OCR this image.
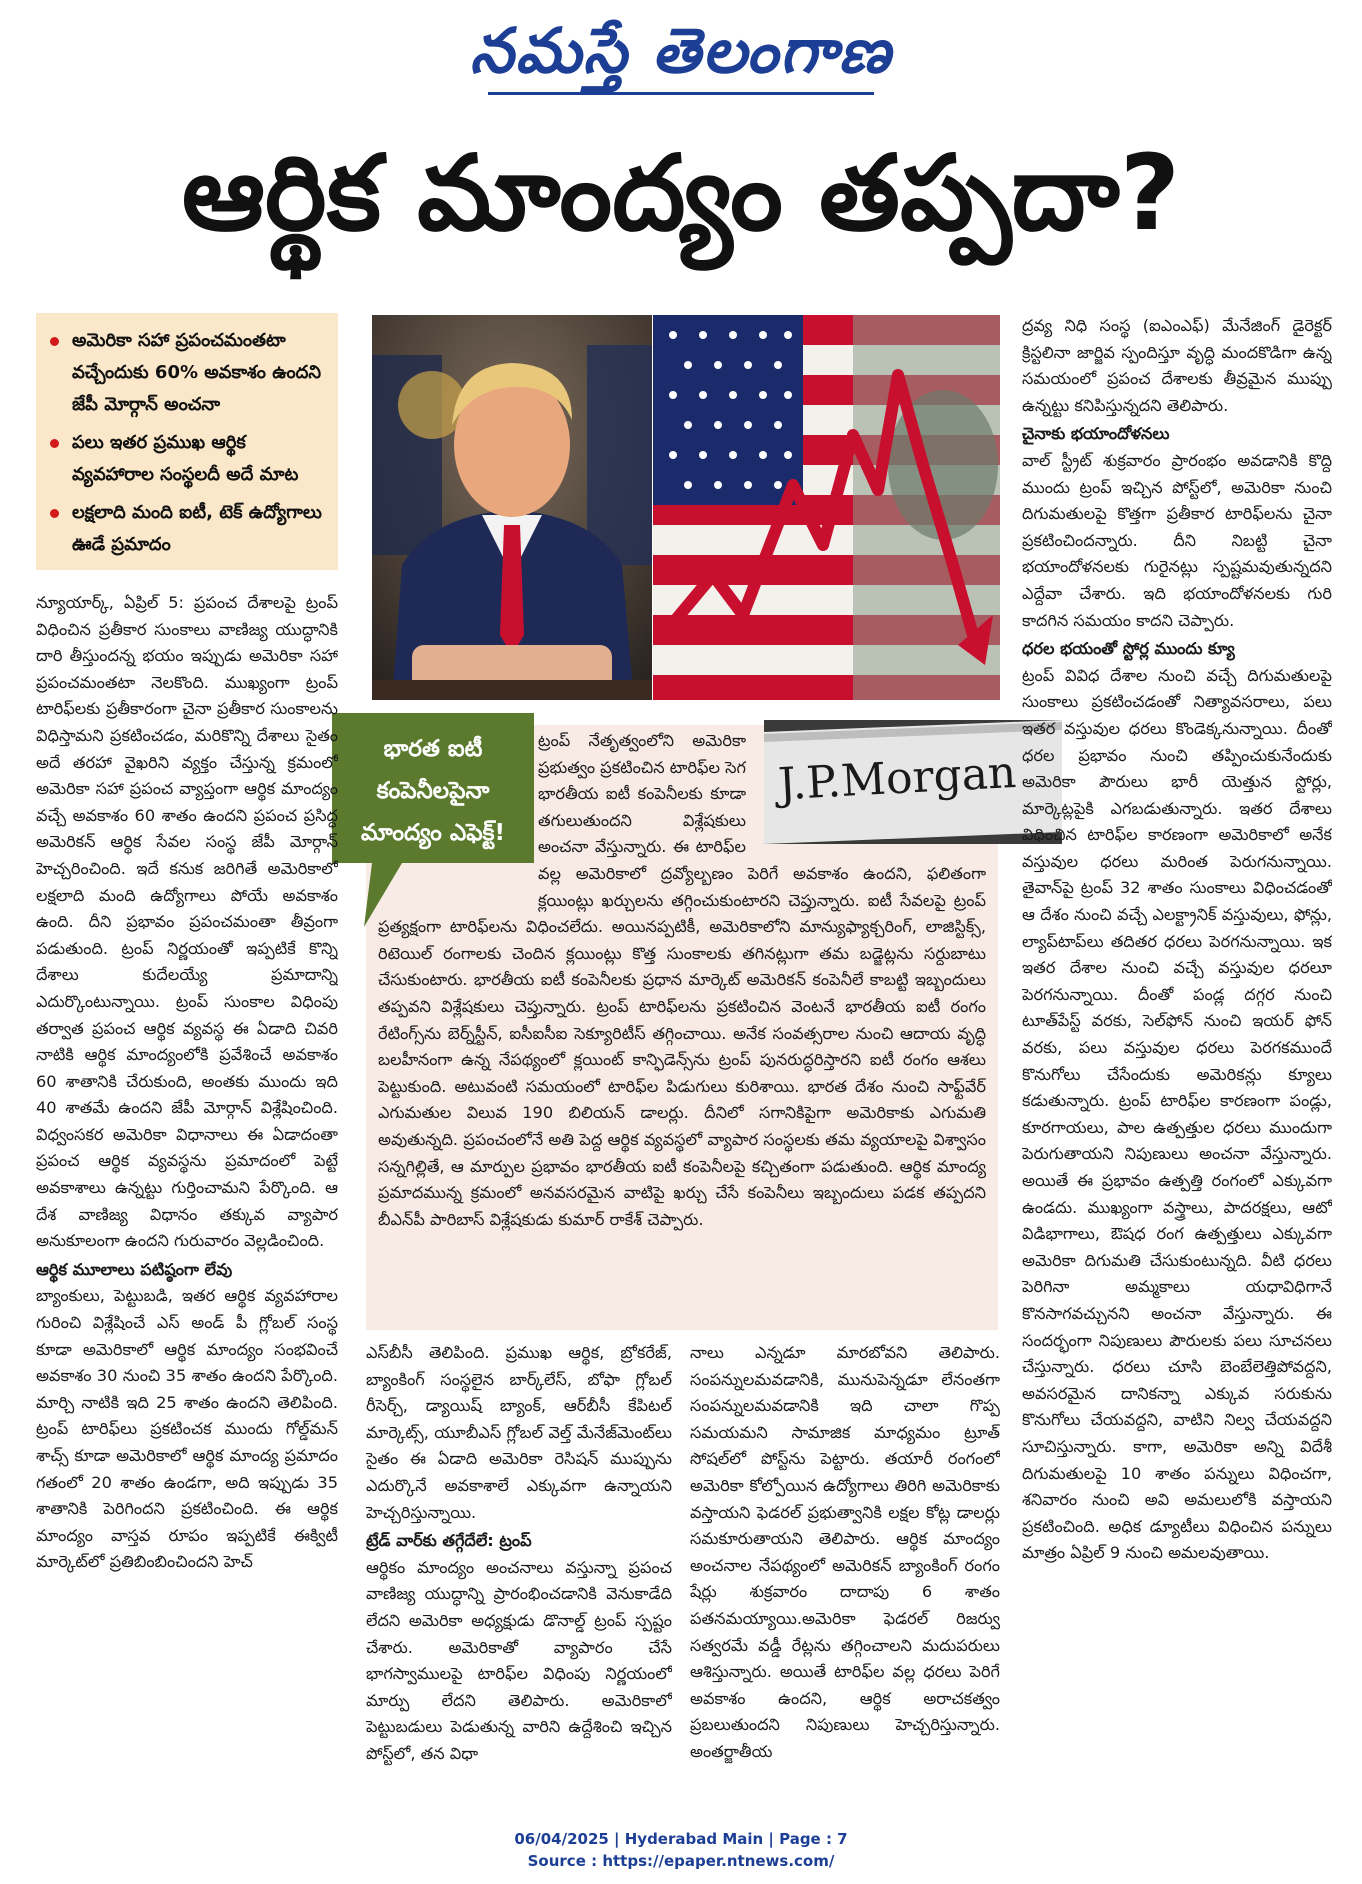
నమస్తే తెలంగాణ
ఆర్థిక మాంద్యం తప్పదా?
అమెరికా సహా ప్రపంచమంతటా వచ్చేందుకు 60% అవకాశం ఉందని జేపీ మోర్గాన్ అంచనా
పలు ఇతర ప్రముఖ ఆర్థిక వ్యవహారాల సంస్థలదీ అదే మాట
లక్షలాది మంది ఐటీ, టెక్ ఉద్యోగాలు ఊడే ప్రమాదం
భారత ఐటీ కంపెనీలపైనా మాంద్యం ఎఫెక్ట్!
J.P.Morgan

న్యూయార్క్, ఏప్రిల్ 5: ప్రపంచ దేశాలపై ట్రంప్ విధించిన ప్రతీకార సుంకాలు వాణిజ్య యుద్ధానికి దారి తీస్తుందన్న భయం ఇప్పుడు అమెరికా సహా ప్రపంచమంతటా నెలకొంది. ముఖ్యంగా ట్రంప్ టారిఫ్‌లకు ప్రతీకారంగా చైనా ప్రతీకార సుంకాలను విధిస్తామని ప్రకటించడం, మరికొన్ని దేశాలు సైతం అదే తరహా వైఖరిని వ్యక్తం చేస్తున్న క్రమంలో అమెరికా సహా ప్రపంచ వ్యాప్తంగా ఆర్థిక మాంద్యం వచ్చే అవకాశం 60 శాతం ఉందని ప్రపంచ ప్రసిద్ధ అమెరికన్ ఆర్థిక సేవల సంస్థ జేపీ మోర్గాన్ హెచ్చరించింది. ఇదే కనుక జరిగితే అమెరికాలో లక్షలాది మంది ఉద్యోగాలు పోయే అవకాశం ఉంది. దీని ప్రభావం ప్రపంచమంతా తీవ్రంగా పడుతుంది. ట్రంప్ నిర్ణయంతో ఇప్పటికే కొన్ని దేశాలు కుదేలయ్యే ప్రమాదాన్ని ఎదుర్కొంటున్నాయి. ట్రంప్ సుంకాల విధింపు తర్వాత ప్రపంచ ఆర్థిక వ్యవస్థ ఈ ఏడాది చివరి నాటికి ఆర్థిక మాంద్యంలోకి ప్రవేశించే అవకాశం 60 శాతానికి చేరుకుంది, అంతకు ముందు ఇది 40 శాతమే ఉందని జేపీ మోర్గాన్ విశ్లేషించింది. విధ్వంసకర అమెరికా విధానాలు ఈ ఏడాదంతా ప్రపంచ ఆర్థిక వ్యవస్థను ప్రమాదంలో పెట్టే అవకాశాలు ఉన్నట్టు గుర్తించామని పేర్కొంది. ఆ దేశ వాణిజ్య విధానం తక్కువ వ్యాపార అనుకూలంగా ఉందని గురువారం వెల్లడించింది.

ఆర్థిక మూలాలు పటిష్ఠంగా లేవు

బ్యాంకులు, పెట్టుబడి, ఇతర ఆర్థిక వ్యవహారాల గురించి విశ్లేషించే ఎస్ అండ్ పీ గ్లోబల్ సంస్థ కూడా అమెరికాలో ఆర్థిక మాంద్యం సంభవించే అవకాశం 30 నుంచి 35 శాతం ఉందని పేర్కొంది. మార్చి నాటికి ఇది 25 శాతం ఉందని తెలిపింది. ట్రంప్ టారిఫ్‌లు ప్రకటించక ముందు గోల్డ్‌మన్ శాచ్స్ కూడా అమెరికాలో ఆర్థిక మాంద్య ప్రమాదం గతంలో 20 శాతం ఉండగా, అది ఇప్పుడు 35 శాతానికి పెరిగిందని ప్రకటించింది. ఈ ఆర్థిక మాంద్యం వాస్తవ రూపం ఇప్పటికే ఈక్విటీ మార్కెట్‌లో ప్రతిబింబించిందని హెచ్

ట్రంప్ నేతృత్వంలోని అమెరికా ప్రభుత్వం ప్రకటించిన టారిఫ్‌ల సెగ భారతీయ ఐటీ కంపెనీలకు కూడా తగులుతుందని విశ్లేషకులు అంచనా వేస్తున్నారు. ఈ టారిఫ్‌ల వల్ల అమెరికాలో ద్రవ్యోల్బణం పెరిగే అవకాశం ఉందని, ఫలితంగా క్లయింట్లు ఖర్చులను తగ్గించుకుంటారని చెప్తున్నారు. ఐటీ సేవలపై ట్రంప్ ప్రత్యక్షంగా టారిఫ్‌లను విధించలేదు. అయినప్పటికీ, అమెరికాలోని మాన్యుఫ్యాక్చరింగ్, లాజిస్టిక్స్, రిటెయిల్ రంగాలకు చెందిన క్లయింట్లు కొత్త సుంకాలకు తగినట్లుగా తమ బడ్జెట్లను సర్దుబాటు చేసుకుంటారు. భారతీయ ఐటీ కంపెనీలకు ప్రధాన మార్కెట్ అమెరికన్ కంపెనీలే కాబట్టి ఇబ్బందులు తప్పవని విశ్లేషకులు చెప్తున్నారు. ట్రంప్ టారిఫ్‌లను ప్రకటించిన వెంటనే భారతీయ ఐటీ రంగం రేటింగ్స్‌ను బెర్న్‌స్టీన్, ఐసీఐసీఐ సెక్యూరిటీస్ తగ్గించాయి. అనేక సంవత్సరాల నుంచి ఆదాయ వృద్ధి బలహీనంగా ఉన్న నేపథ్యంలో క్లయింట్ కాన్ఫిడెన్స్‌ను ట్రంప్ పునరుద్ధరిస్తారని ఐటీ రంగం ఆశలు పెట్టుకుంది. అటువంటి సమయంలో టారిఫ్‌ల పిడుగులు కురిశాయి. భారత దేశం నుంచి సాఫ్ట్‌వేర్ ఎగుమతుల విలువ 190 బిలియన్ డాలర్లు. దీనిలో సగానికిపైగా అమెరికాకు ఎగుమతి అవుతున్నది. ప్రపంచంలోనే అతి పెద్ద ఆర్థిక వ్యవస్థలో వ్యాపార సంస్థలకు తమ వ్యయాలపై విశ్వాసం సన్నగిల్లితే, ఆ మార్పుల ప్రభావం భారతీయ ఐటీ కంపెనీలపై కచ్చితంగా పడుతుంది. ఆర్థిక మాంద్య ప్రమాదమున్న క్రమంలో అనవసరమైన వాటిపై ఖర్చు చేసే కంపెనీలు ఇబ్బందులు పడక తప్పదని బీఎన్‌పీ పారిబాస్ విశ్లేషకుడు కుమార్ రాకేశ్ చెప్పారు.

ఎస్‌బీసీ తెలిపింది. ప్రముఖ ఆర్థిక, బ్రోకరేజ్, బ్యాంకింగ్ సంస్థలైన బార్క్‌లేస్, బోఫా గ్లోబల్ రీసెర్చ్, డ్యాయిష్ బ్యాంక్, ఆర్‌బీసీ కేపిటల్ మార్కెట్స్, యూబీఎస్ గ్లోబల్ వెల్త్ మేనేజ్‌మెంట్‌లు సైతం ఈ ఏడాది అమెరికా రెసిషన్ ముప్పును ఎదుర్కొనే అవకాశాలే ఎక్కువగా ఉన్నాయని హెచ్చరిస్తున్నాయి.

ట్రేడ్ వార్‌కు తగ్గేదేలే: ట్రంప్

ఆర్థికం మాంద్యం అంచనాలు వస్తున్నా ప్రపంచ వాణిజ్య యుద్ధాన్ని ప్రారంభించడానికి వెనుకాడేది లేదని అమెరికా అధ్యక్షుడు డొనాల్డ్ ట్రంప్ స్పష్టం చేశారు. అమెరికాతో వ్యాపారం చేసే భాగస్వాములపై టారిఫ్‌ల విధింపు నిర్ణయంలో మార్పు లేదని తెలిపారు. అమెరికాలో పెట్టుబడులు పెడుతున్న వారిని ఉద్దేశించి ఇచ్చిన పోస్ట్‌లో, తన విధా

నాలు ఎన్నడూ మారబోవని తెలిపారు. సంపన్నులమవడానికి, మునుపెన్నడూ లేనంతగా సంపన్నులమవడానికి ఇది చాలా గొప్ప సమయమని సామాజిక మాధ్యమం ట్రూత్ సోషల్‌లో పోస్ట్‌ను పెట్టారు. తయారీ రంగంలో అమెరికా కోల్పోయిన ఉద్యోగాలు తిరిగి అమెరికాకు వస్తాయని ఫెడరల్ ప్రభుత్వానికి లక్షల కోట్ల డాలర్లు సమకూరుతాయని తెలిపారు. ఆర్థిక మాంద్యం అంచనాల నేపథ్యంలో అమెరికన్ బ్యాంకింగ్ రంగం షేర్లు శుక్రవారం దాదాపు 6 శాతం పతనమయ్యాయి.అమెరికా ఫెడరల్ రిజర్వు సత్వరమే వడ్డీ రేట్లను తగ్గించాలని మదుపరులు ఆశిస్తున్నారు. అయితే టారిఫ్‌ల వల్ల ధరలు పెరిగే అవకాశం ఉందని, ఆర్థిక అరాచకత్వం ప్రబలుతుందని నిపుణులు హెచ్చరిస్తున్నారు. అంతర్జాతీయ

ద్రవ్య నిధి సంస్థ (ఐఎంఎఫ్) మేనేజింగ్ డైరెక్టర్ క్రిస్టలినా జార్జివ స్పందిస్తూ వృద్ధి మందకొడిగా ఉన్న సమయంలో ప్రపంచ దేశాలకు తీవ్రమైన ముప్పు ఉన్నట్టు కనిపిస్తున్నదని తెలిపారు.

చైనాకు భయాందోళనలు

వాల్ స్ట్రీట్ శుక్రవారం ప్రారంభం అవడానికి కొద్ది ముందు ట్రంప్ ఇచ్చిన పోస్ట్‌లో, అమెరికా నుంచి దిగుమతులపై కొత్తగా ప్రతీకార టారిఫ్‌లను చైనా ప్రకటించిందన్నారు. దీని నిబట్టి చైనా భయాందోళనలకు గురైనట్లు స్పష్టమవుతున్నదని ఎద్దేవా చేశారు. ఇది భయాందోళనలకు గురి కాదగిన సమయం కాదని చెప్పారు.

ధరల భయంతో స్టోర్ల ముందు క్యూ

ట్రంప్ వివిధ దేశాల నుంచి వచ్చే దిగుమతులపై సుంకాలు ప్రకటించడంతో నిత్యావసరాలు, పలు ఇతర వస్తువుల ధరలు కొండెక్కనున్నాయి. దీంతో ధరల ప్రభావం నుంచి తప్పించుకునేందుకు అమెరికా పౌరులు భారీ యెత్తున స్టోర్లు, మార్కెట్లపైకి ఎగబడుతున్నారు. ఇతర దేశాలు విధించిన టారిఫ్‌ల కారణంగా అమెరికాలో అనేక వస్తువుల ధరలు మరింత పెరుగనున్నాయి. తైవాన్‌పై ట్రంప్ 32 శాతం సుంకాలు విధించడంతో ఆ దేశం నుంచి వచ్చే ఎలక్ట్రానిక్ వస్తువులు, ఫోన్లు, ల్యాప్‌టాప్‌లు తదితర ధరలు పెరగనున్నాయి. ఇక ఇతర దేశాల నుంచి వచ్చే వస్తువుల ధరలూ పెరగనున్నాయి. దీంతో పండ్ల దగ్గర నుంచి టూత్‌పేస్ట్ వరకు, సెల్‌ఫోన్ నుంచి ఇయర్ ఫోన్ వరకు, పలు వస్తువుల ధరలు పెరగకముందే కొనుగోలు చేసేందుకు అమెరికన్లు క్యూలు కడుతున్నారు. ట్రంప్ టారిఫ్‌ల కారణంగా పండ్లు, కూరగాయలు, పాల ఉత్పత్తుల ధరలు ముందుగా పెరుగుతాయని నిపుణులు అంచనా వేస్తున్నారు. అయితే ఈ ప్రభావం ఉత్పత్తి రంగంలో ఎక్కువగా ఉండదు. ముఖ్యంగా వస్త్రాలు, పాదరక్షలు, ఆటో విడిభాగాలు, ఔషధ రంగ ఉత్పత్తులు ఎక్కువగా అమెరికా దిగుమతి చేసుకుంటున్నది. వీటి ధరలు పెరిగినా అమ్మకాలు యధావిధిగానే కొనసాగవచ్చునని అంచనా వేస్తున్నారు. ఈ సందర్భంగా నిపుణులు పౌరులకు పలు సూచనలు చేస్తున్నారు. ధరలు చూసి బెంబేలెత్తిపోవద్దని, అవసరమైన దానికన్నా ఎక్కువ సరుకును కొనుగోలు చేయవద్దని, వాటిని నిల్వ చేయవద్దని సూచిస్తున్నారు. కాగా, అమెరికా అన్ని విదేశీ దిగుమతులపై 10 శాతం పన్నులు విధించగా, శనివారం నుంచి అవి అమలులోకి వస్తాయని ప్రకటించింది. అధిక డ్యూటీలు విధించిన పన్నులు మాత్రం ఏప్రిల్ 9 నుంచి అమలవుతాయి.

06/04/2025 | Hyderabad Main | Page : 7
Source : https://epaper.ntnews.com/
